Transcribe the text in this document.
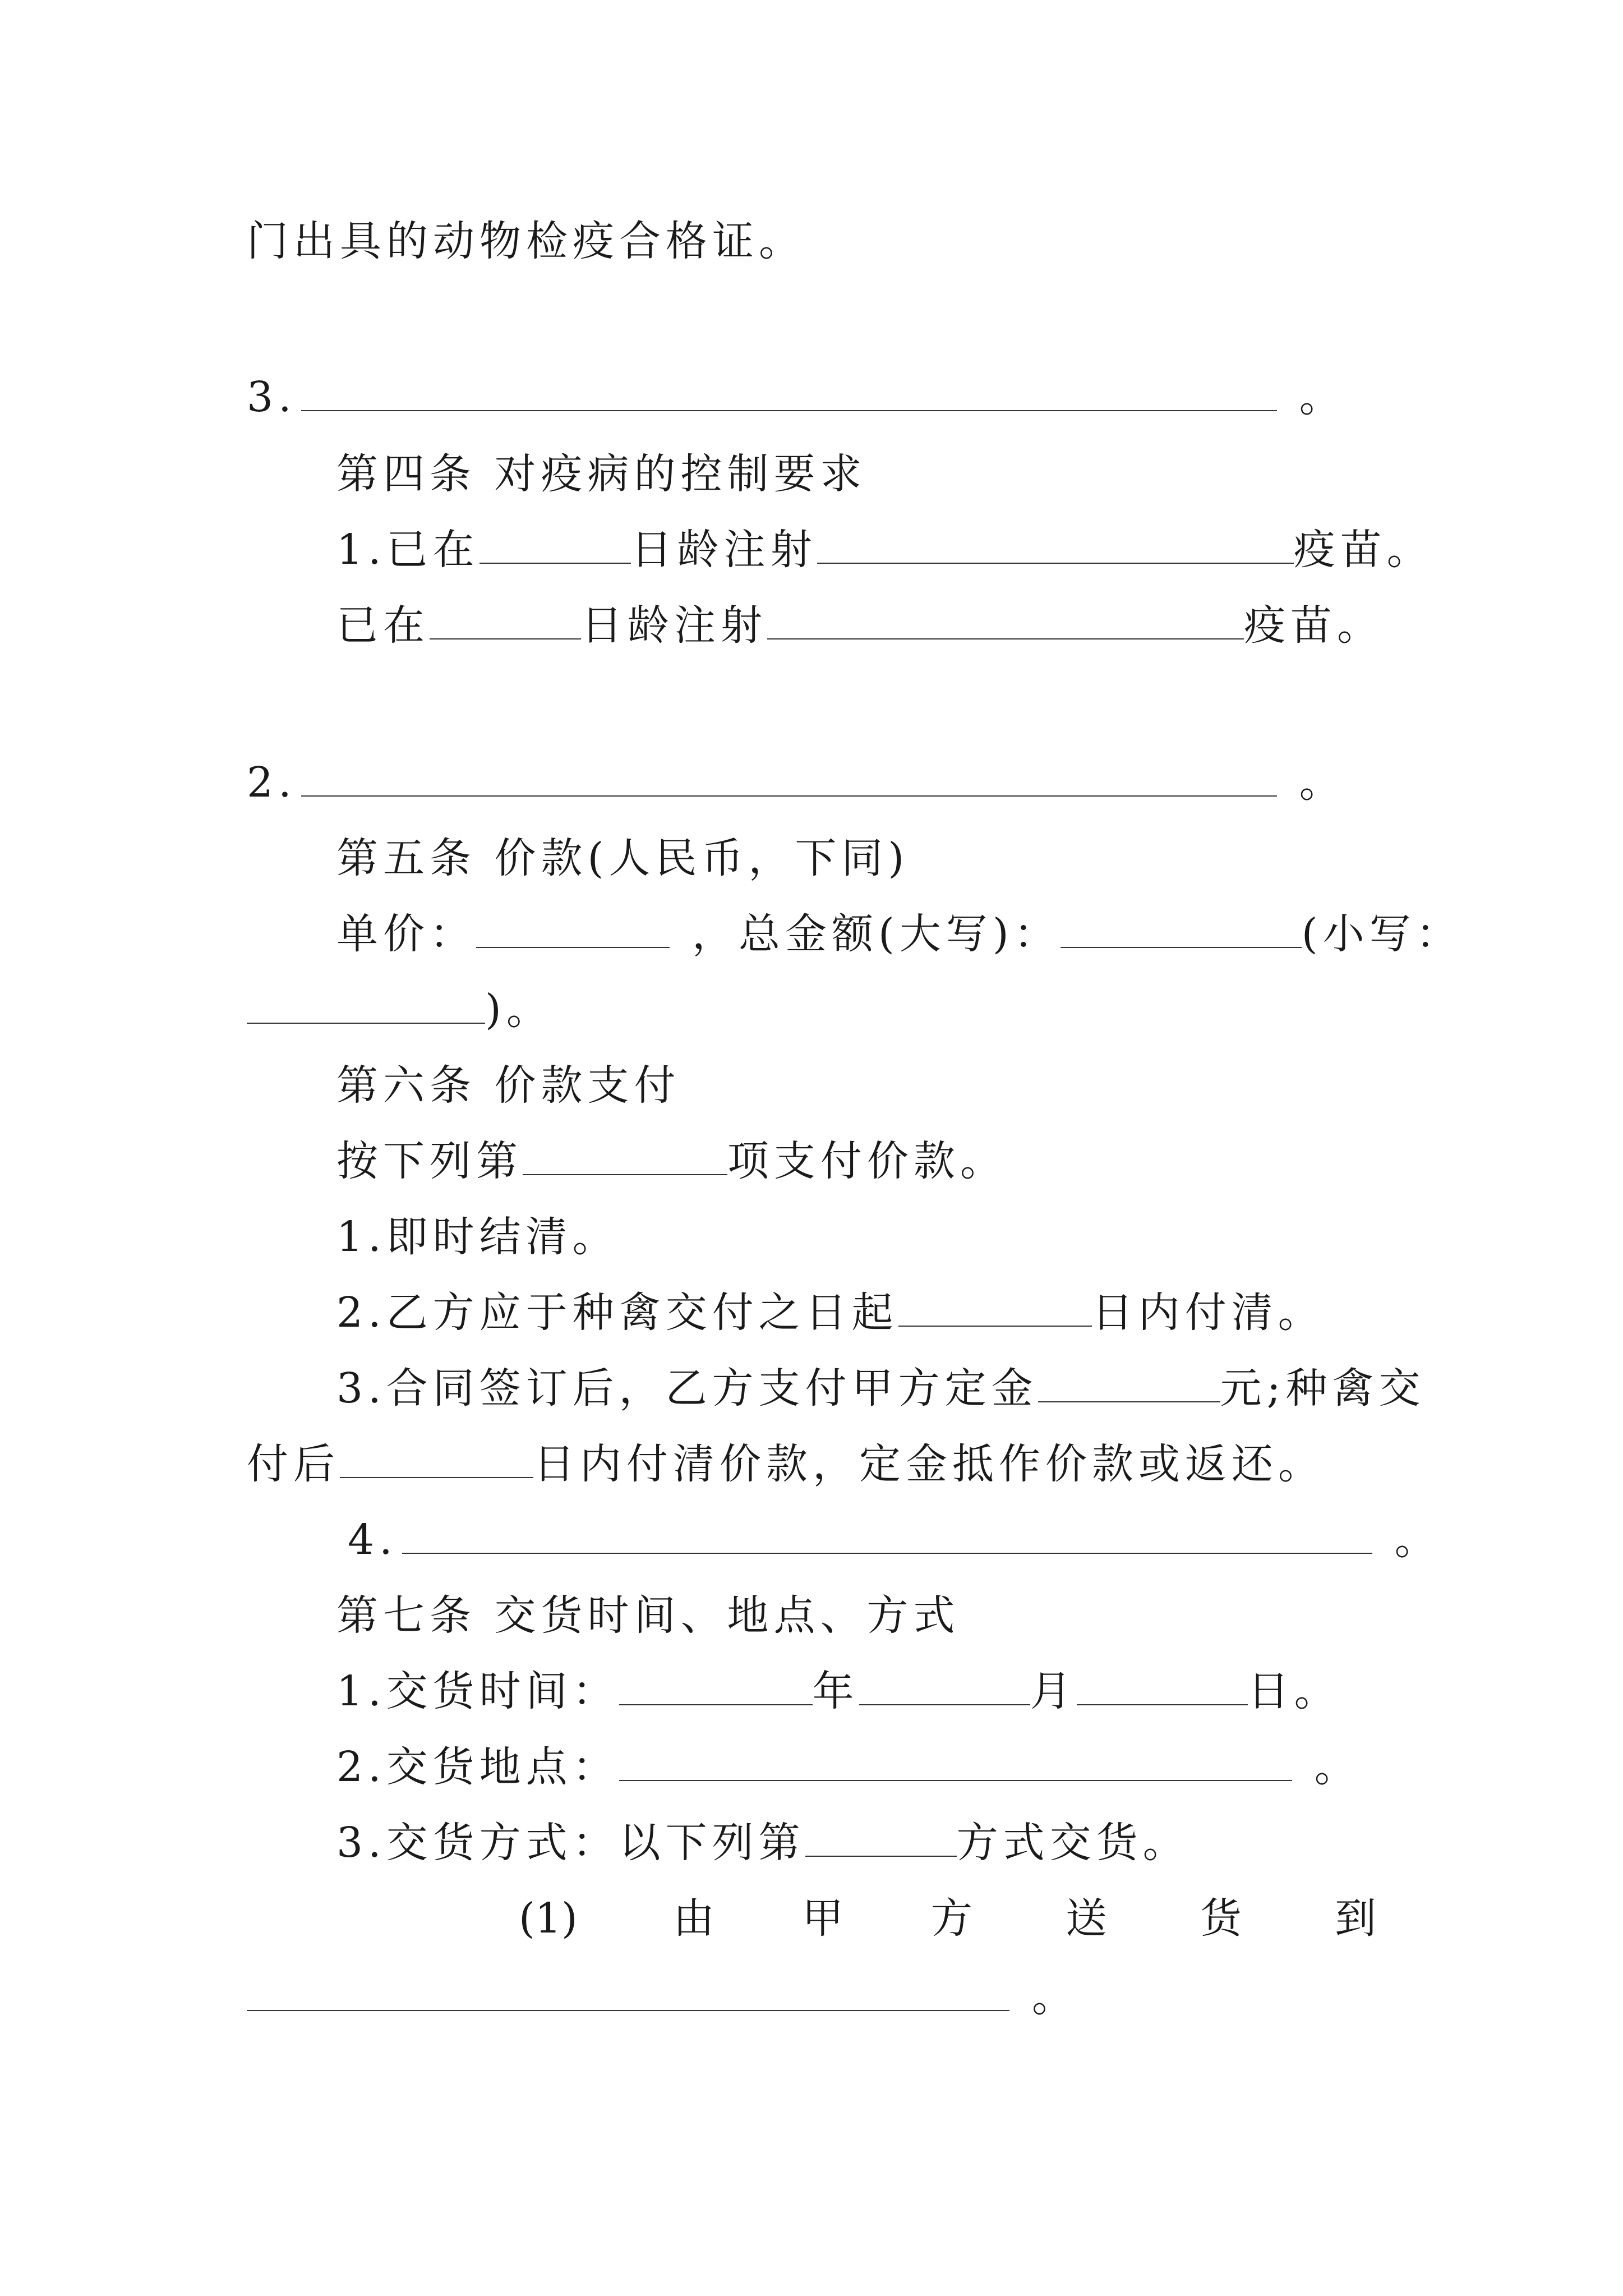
门出具的动物检疫合格证。
3.	。
第四条 对疫病的控制要求
1.已在	日龄注射	疫苗。
已在	日龄注射	疫苗。
2.	。
第五条 价款(人民币，下同)
单价：	，总金额(大写)：	(小写：
)。
第六条 价款支付
按下列第	项支付价款。
1.即时结清。
2.乙方应于种禽交付之日起	日内付清。
3.合同签订后，乙方支付甲方定金	元;种禽交
付后	日内付清价款，定金抵作价款或返还。
4.	。
第七条 交货时间、地点、方式
1.交货时间：	年	月	日。
2.交货地点：	。
3.交货方式：以下列第	方式交货。
(1) 由 甲 方 送 货 到
。
